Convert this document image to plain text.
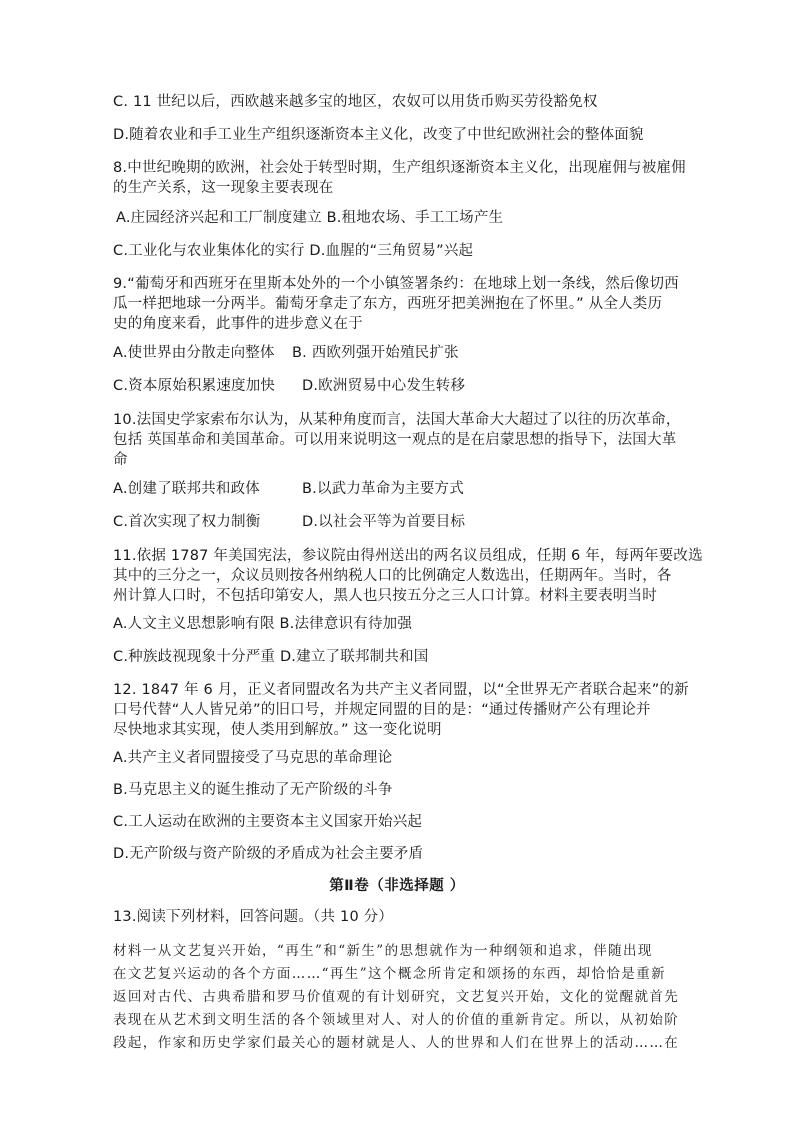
C. 11 世纪以后，西欧越来越多宝的地区，农奴可以用货币购买劳役豁免权
D.随着农业和手工业生产组织逐渐资本主义化，改变了中世纪欧洲社会的整体面貌
8.中世纪晚期的欧洲，社会处于转型时期，生产组织逐渐资本主义化，出现雇佣与被雇佣
的生产关系，这一现象主要表现在
A.庄园经济兴起和工厂制度建立 B.租地农场、手工工场产生
C.工业化与农业集体化的实行 D.血腥的“三角贸易”兴起
9.“葡萄牙和西班牙在里斯本处外的一个小镇签署条约：在地球上划一条线，然后像切西
瓜一样把地球一分两半。葡萄牙拿走了东方，西班牙把美洲抱在了怀里。” 从全人类历
史的角度来看，此事件的进步意义在于
A.使世界由分散走向整体 B. 西欧列强开始殖民扩张
C.资本原始积累速度加快 D.欧洲贸易中心发生转移
10.法国史学家索布尔认为，从某种角度而言，法国大革命大大超过了以往的历次革命，
包括 英国革命和美国革命。可以用来说明这一观点的是在启蒙思想的指导下，法国大革
命
A.创建了联邦共和政体	B.以武力革命为主要方式
C.首次实现了权力制衡	D.以社会平等为首要目标
11.依据 1787 年美国宪法，参议院由得州送出的两名议员组成，任期 6 年，每两年要改选
其中的三分之一，众议员则按各州纳税人口的比例确定人数选出，任期两年。当时，各
州计算人口时，不包括印第安人，黑人也只按五分之三人口计算。材料主要表明当时
A.人文主义思想影响有限 B.法律意识有待加强
C.种族歧视现象十分严重 D.建立了联邦制共和国
12. 1847 年 6 月，正义者同盟改名为共产主义者同盟，以“全世界无产者联合起来”的新
口号代替“人人皆兄弟”的旧口号，并规定同盟的目的是：“通过传播财产公有理论并
尽快地求其实现，使人类用到解放。” 这一变化说明
A.共产主义者同盟接受了马克思的革命理论
B.马克思主义的诞生推动了无产阶级的斗争
C.工人运动在欧洲的主要资本主义国家开始兴起
D.无产阶级与资产阶级的矛盾成为社会主要矛盾
第Ⅱ卷（非选择题 ）
13.阅读下列材料，回答问题。（共 10 分）
材料一从文艺复兴开始，“再生”和“新生”的思想就作为一种纲领和追求，伴随出现
在文艺复兴运动的各个方面……“再生”这个概念所肯定和颂扬的东西，却恰恰是重新
返回对古代、古典希腊和罗马价值观的有计划研究，文艺复兴开始，文化的觉醒就首先
表现在从艺术到文明生活的各个领域里对人、对人的价值的重新肯定。所以，从初始阶
段起，作家和历史学家们最关心的题材就是人、人的世界和人们在世界上的活动……在
